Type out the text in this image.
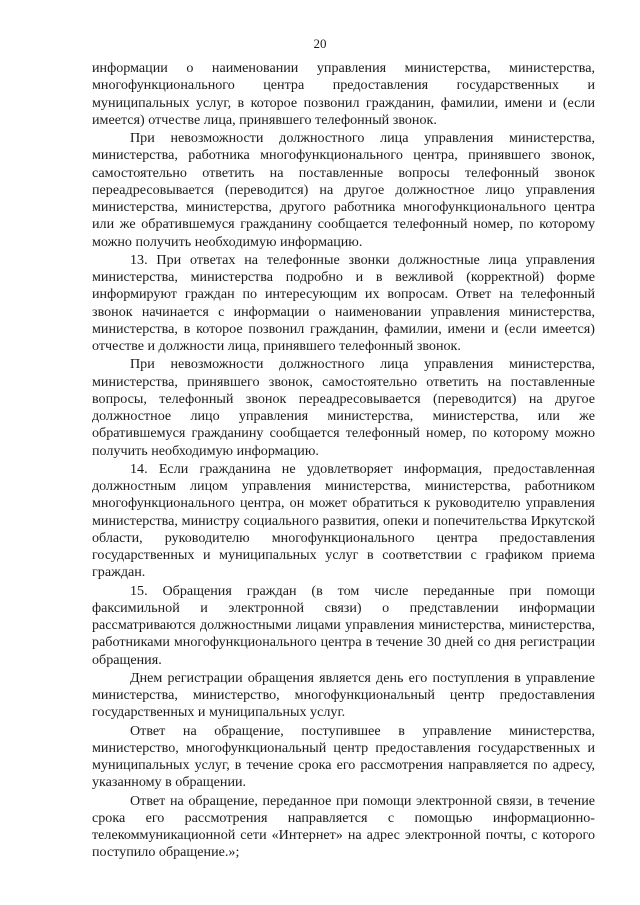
20

информации о наименовании управления министерства, министерства, многофункционального центра предоставления государственных и муниципальных услуг, в которое позвонил гражданин, фамилии, имени и (если имеется) отчестве лица, принявшего телефонный звонок.

При невозможности должностного лица управления министерства, министерства, работника многофункционального центра, принявшего звонок, самостоятельно ответить на поставленные вопросы телефонный звонок переадресовывается (переводится) на другое должностное лицо управления министерства, министерства, другого работника многофункционального центра или же обратившемуся гражданину сообщается телефонный номер, по которому можно получить необходимую информацию.

13. При ответах на телефонные звонки должностные лица управления министерства, министерства подробно и в вежливой (корректной) форме информируют граждан по интересующим их вопросам. Ответ на телефонный звонок начинается с информации о наименовании управления министерства, министерства, в которое позвонил гражданин, фамилии, имени и (если имеется) отчестве и должности лица, принявшего телефонный звонок.

При невозможности должностного лица управления министерства, министерства, принявшего звонок, самостоятельно ответить на поставленные вопросы, телефонный звонок переадресовывается (переводится) на другое должностное лицо управления министерства, министерства, или же обратившемуся гражданину сообщается телефонный номер, по которому можно получить необходимую информацию.

14. Если гражданина не удовлетворяет информация, предоставленная должностным лицом управления министерства, министерства, работником многофункционального центра, он может обратиться к руководителю управления министерства, министру социального развития, опеки и попечительства Иркутской области, руководителю многофункционального центра предоставления государственных и муниципальных услуг в соответствии с графиком приема граждан.

15. Обращения граждан (в том числе переданные при помощи факсимильной и электронной связи) о представлении информации рассматриваются должностными лицами управления министерства, министерства, работниками многофункционального центра в течение 30 дней со дня регистрации обращения.

Днем регистрации обращения является день его поступления в управление министерства, министерство, многофункциональный центр предоставления государственных и муниципальных услуг.

Ответ на обращение, поступившее в управление министерства, министерство, многофункциональный центр предоставления государственных и муниципальных услуг, в течение срока его рассмотрения направляется по адресу, указанному в обращении.

Ответ на обращение, переданное при помощи электронной связи, в течение срока его рассмотрения направляется с помощью информационно-телекоммуникационной сети «Интернет» на адрес электронной почты, с которого поступило обращение.»;
